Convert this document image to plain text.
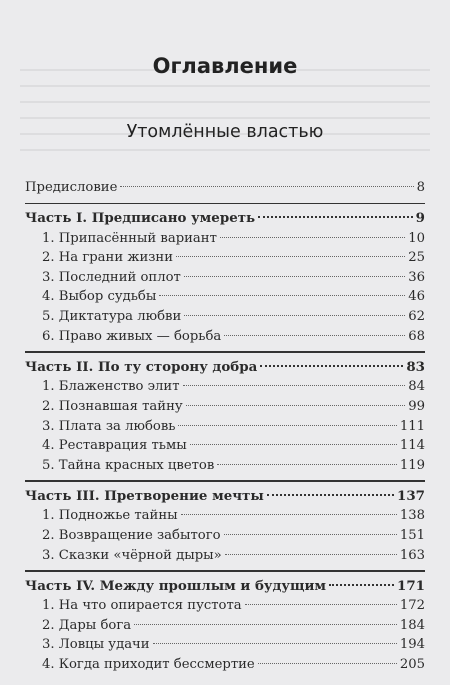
Оглавление
Утомлённые властью
Предисловие	8
Часть I. Предписано умереть	9
1. Припасённый вариант	10
2. На грани жизни	25
3. Последний оплот	36
4. Выбор судьбы	46
5. Диктатура любви	62
6. Право живых — борьба	68
Часть II. По ту сторону добра	83
1. Блаженство элит	84
2. Познавшая тайну	99
3. Плата за любовь	111
4. Реставрация тьмы	114
5. Тайна красных цветов	119
Часть III. Претворение мечты	137
1. Подножье тайны	138
2. Возвращение забытого	151
3. Сказки «чёрной дыры»	163
Часть IV. Между прошлым и будущим	171
1. На что опирается пустота	172
2. Дары бога	184
3. Ловцы удачи	194
4. Когда приходит бессмертие	205
